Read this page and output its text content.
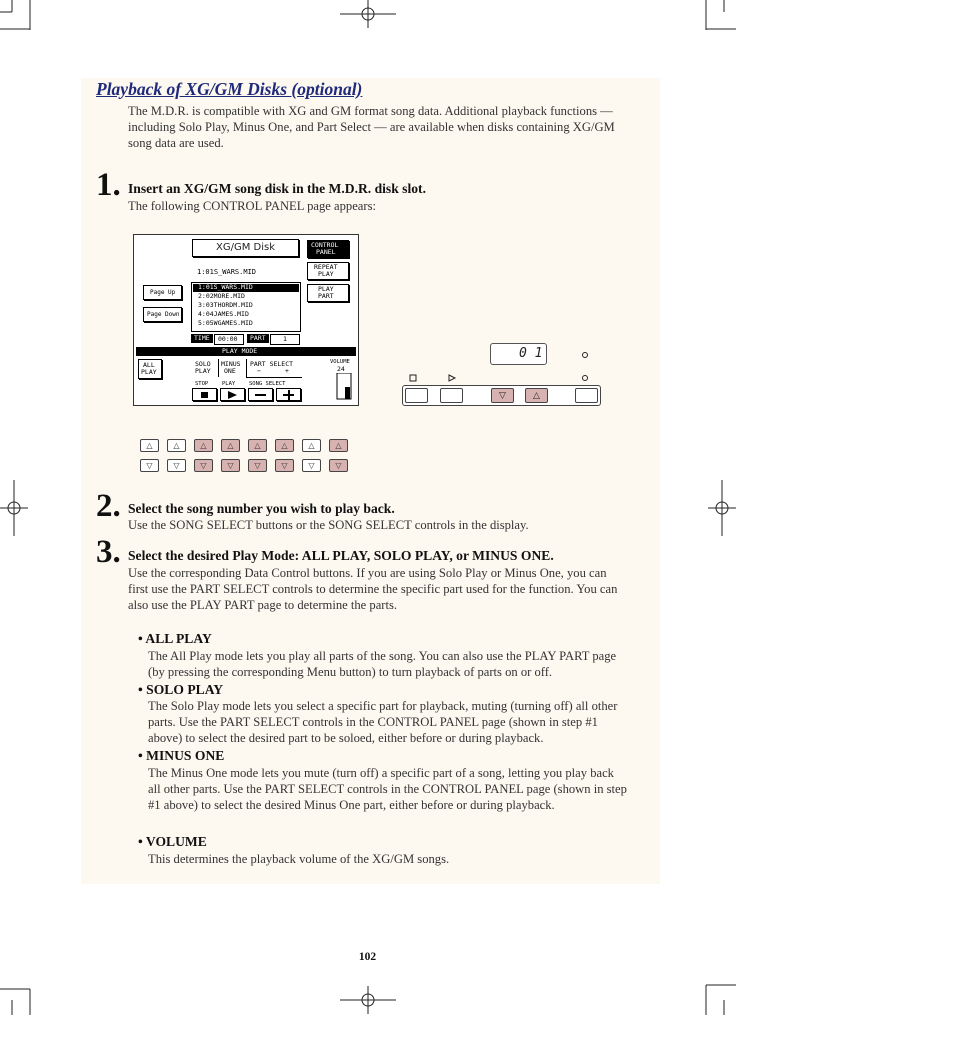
Playback of XG/GM Disks (optional)
The M.D.R. is compatible with XG and GM format song data. Additional playback functions —
including Solo Play, Minus One, and Part Select — are available when disks containing XG/GM
song data are used.
1. Insert an XG/GM song disk in the M.D.R. disk slot.
The following CONTROL PANEL page appears:
XG/GM Disk	CONTROL
PANEL
REPEAT
PLAY
PLAY
PART
1:01S_WARS.MID
Page Up
Page Down
1:01S_WARS.MID
2:02MORE.MID
3:03THORDM.MID
4:04JAMES.MID
5:05WGAMES.MID
TIME 00:00 PART	1
PLAY MODE
ALL
PLAY
SOLO
PLAY
MINUS
ONE
PART SELECT
−	+
VOLUME
24
STOP	PLAY	SONG SELECT
△
▽
△
▽
△
▽
△
▽
△
▽
△
▽
△
▽
△
▽
0 1
▽	△
2. Select the song number you wish to play back.
Use the SONG SELECT buttons or the SONG SELECT controls in the display.
3. Select the desired Play Mode: ALL PLAY, SOLO PLAY, or MINUS ONE.
Use the corresponding Data Control buttons. If you are using Solo Play or Minus One, you can
first use the PART SELECT controls to determine the specific part used for the function. You can
also use the PLAY PART page to determine the parts.
• ALL PLAY
The All Play mode lets you play all parts of the song. You can also use the PLAY PART page
(by pressing the corresponding Menu button) to turn playback of parts on or off.
• SOLO PLAY
The Solo Play mode lets you select a specific part for playback, muting (turning off) all other
parts. Use the PART SELECT controls in the CONTROL PANEL page (shown in step #1
above) to select the desired part to be soloed, either before or during playback.
• MINUS ONE
The Minus One mode lets you mute (turn off) a specific part of a song, letting you play back
all other parts. Use the PART SELECT controls in the CONTROL PANEL page (shown in step
#1 above) to select the desired Minus One part, either before or during playback.
• VOLUME
This determines the playback volume of the XG/GM songs.
102
